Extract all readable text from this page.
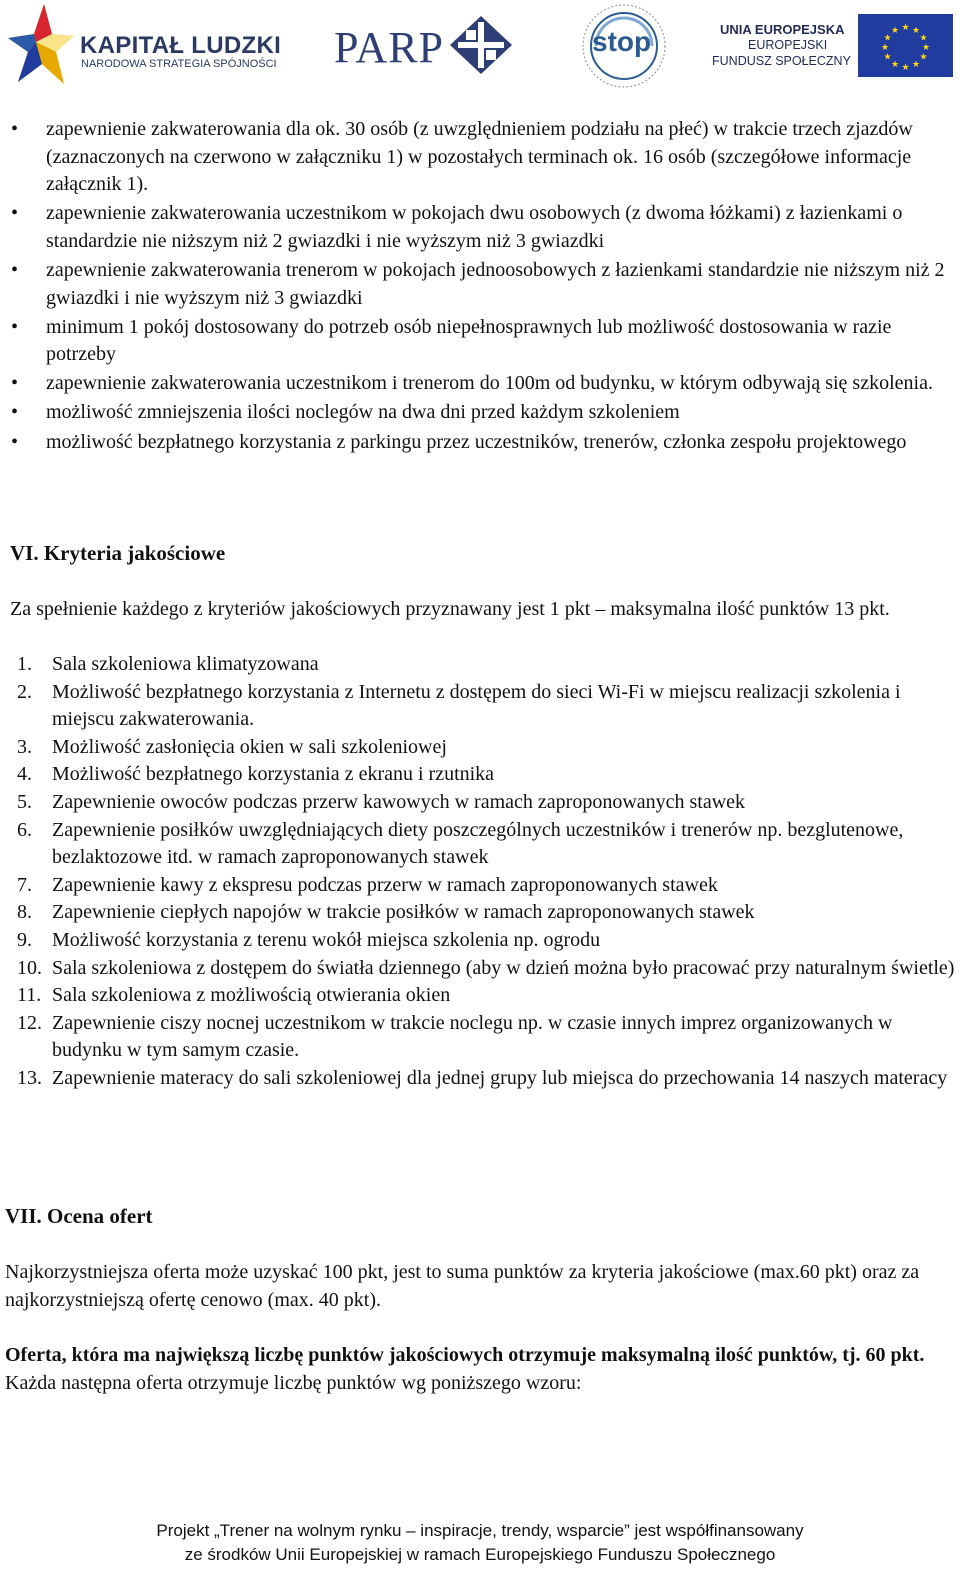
KAPITAŁ LUDZKI
NARODOWA STRATEGIA SPÓJNOŚCI PARP	stop	UNIA EUROPEJSKA
EUROPEJSKI
FUNDUSZ SPOŁECZNY
★ ★
★
★
★
★
★
★
★
★
★
★
• zapewnienie zakwaterowania dla ok. 30 osób (z uwzględnieniem podziału na płeć) w trakcie trzech zjazdów (zaznaczonych na czerwono w załączniku 1) w pozostałych terminach ok. 16 osób (szczegółowe informacje załącznik 1).
• zapewnienie zakwaterowania uczestnikom w pokojach dwu osobowych (z dwoma łóżkami) z łazienkami o standardzie nie niższym niż 2 gwiazdki i nie wyższym niż 3 gwiazdki
• zapewnienie zakwaterowania trenerom w pokojach jednoosobowych z łazienkami standardzie nie niższym niż 2 gwiazdki i nie wyższym niż 3 gwiazdki
• minimum 1 pokój dostosowany do potrzeb osób niepełnosprawnych lub możliwość dostosowania w razie potrzeby
• zapewnienie zakwaterowania uczestnikom i trenerom do 100m od budynku, w którym odbywają się szkolenia.
• możliwość zmniejszenia ilości noclegów na dwa dni przed każdym szkoleniem
• możliwość bezpłatnego korzystania z parkingu przez uczestników, trenerów, członka zespołu projektowego
VI. Kryteria jakościowe

Za spełnienie każdego z kryteriów jakościowych przyznawany jest 1 pkt – maksymalna ilość punktów 13 pkt.

1.	Sala szkoleniowa klimatyzowana
2.	Możliwość bezpłatnego korzystania z Internetu z dostępem do sieci Wi-Fi w miejscu realizacji szkolenia i miejscu zakwaterowania.
3.	Możliwość zasłonięcia okien w sali szkoleniowej
4.	Możliwość bezpłatnego korzystania z ekranu i rzutnika
5.	Zapewnienie owoców podczas przerw kawowych w ramach zaproponowanych stawek
6.	Zapewnienie posiłków uwzględniających diety poszczególnych uczestników i trenerów np. bezglutenowe, bezlaktozowe itd. w ramach zaproponowanych stawek
7.	Zapewnienie kawy z ekspresu podczas przerw w ramach zaproponowanych stawek
8.	Zapewnienie ciepłych napojów w trakcie posiłków w ramach zaproponowanych stawek
9.	Możliwość korzystania z terenu wokół miejsca szkolenia np. ogrodu
10. Sala szkoleniowa z dostępem do światła dziennego (aby w dzień można było pracować przy naturalnym świetle)
11. Sala szkoleniowa z możliwością otwierania okien
12. Zapewnienie ciszy nocnej uczestnikom w trakcie noclegu np. w czasie innych imprez organizowanych w budynku w tym samym czasie.
13. Zapewnienie materacy do sali szkoleniowej dla jednej grupy lub miejsca do przechowania 14 naszych materacy
VII. Ocena ofert

Najkorzystniejsza oferta może uzyskać 100 pkt, jest to suma punktów za kryteria jakościowe (max.60 pkt) oraz za najkorzystniejszą ofertę cenowo (max. 40 pkt).

Oferta, która ma największą liczbę punktów jakościowych otrzymuje maksymalną ilość punktów, tj. 60 pkt. Każda następna oferta otrzymuje liczbę punktów wg poniższego wzoru:

Projekt „Trener na wolnym rynku – inspiracje, trendy, wsparcie” jest współfinansowany
ze środków Unii Europejskiej w ramach Europejskiego Funduszu Społecznego
